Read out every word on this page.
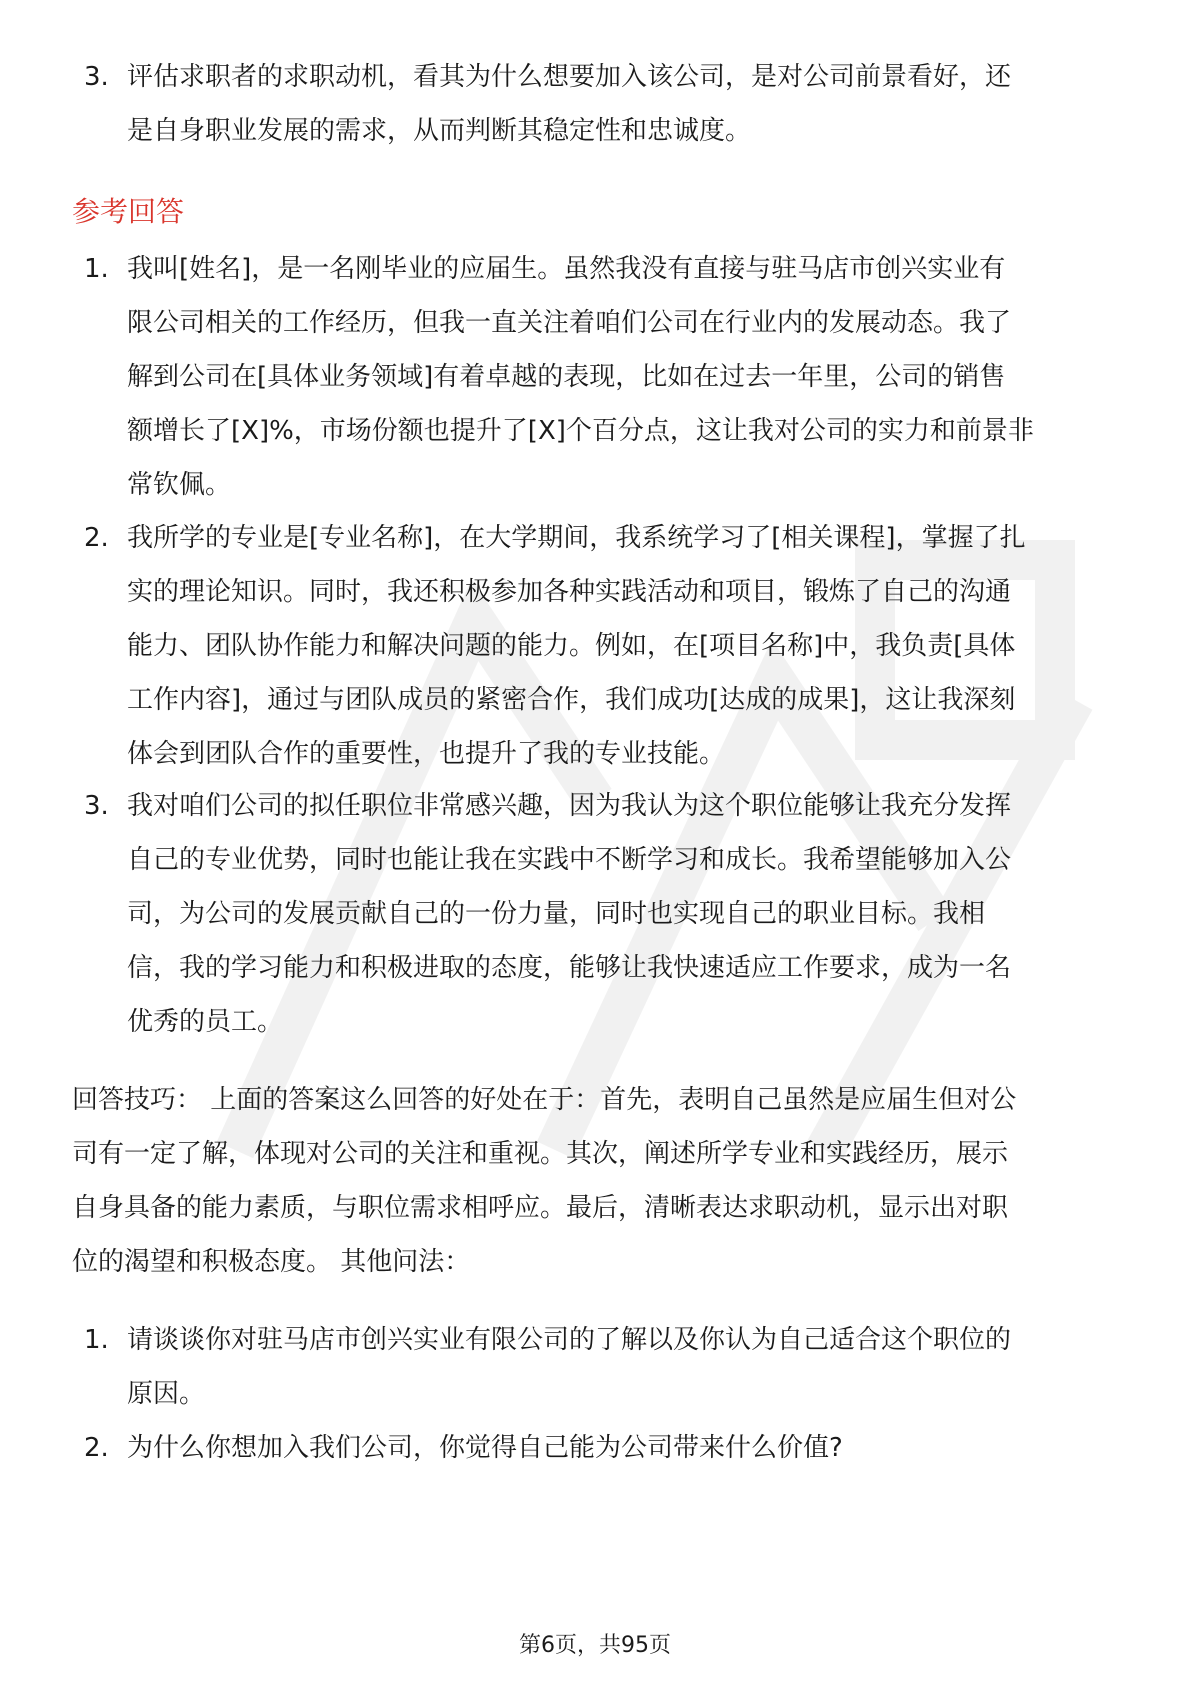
3. 评估求职者的求职动机，看其为什么想要加入该公司，是对公司前景看好，还
是自身职业发展的需求，从而判断其稳定性和忠诚度。
参考回答
1. 我叫[姓名]，是一名刚毕业的应届生。虽然我没有直接与驻马店市创兴实业有
限公司相关的工作经历，但我一直关注着咱们公司在行业内的发展动态。我了
解到公司在[具体业务领域]有着卓越的表现，比如在过去一年里，公司的销售
额增长了[X]%，市场份额也提升了[X]个百分点，这让我对公司的实力和前景非
常钦佩。
2. 我所学的专业是[专业名称]，在大学期间，我系统学习了[相关课程]，掌握了扎
实的理论知识。同时，我还积极参加各种实践活动和项目，锻炼了自己的沟通
能力、团队协作能力和解决问题的能力。例如，在[项目名称]中，我负责[具体
工作内容]，通过与团队成员的紧密合作，我们成功[达成的成果]，这让我深刻
体会到团队合作的重要性，也提升了我的专业技能。
3. 我对咱们公司的拟任职位非常感兴趣，因为我认为这个职位能够让我充分发挥
自己的专业优势，同时也能让我在实践中不断学习和成长。我希望能够加入公
司，为公司的发展贡献自己的一份力量，同时也实现自己的职业目标。我相
信，我的学习能力和积极进取的态度，能够让我快速适应工作要求，成为一名
优秀的员工。
回答技巧： 上面的答案这么回答的好处在于：首先，表明自己虽然是应届生但对公
司有一定了解，体现对公司的关注和重视。其次，阐述所学专业和实践经历，展示
自身具备的能力素质，与职位需求相呼应。最后，清晰表达求职动机，显示出对职
位的渴望和积极态度。 其他问法：
1. 请谈谈你对驻马店市创兴实业有限公司的了解以及你认为自己适合这个职位的
原因。
2. 为什么你想加入我们公司，你觉得自己能为公司带来什么价值?
第6页，共95页
